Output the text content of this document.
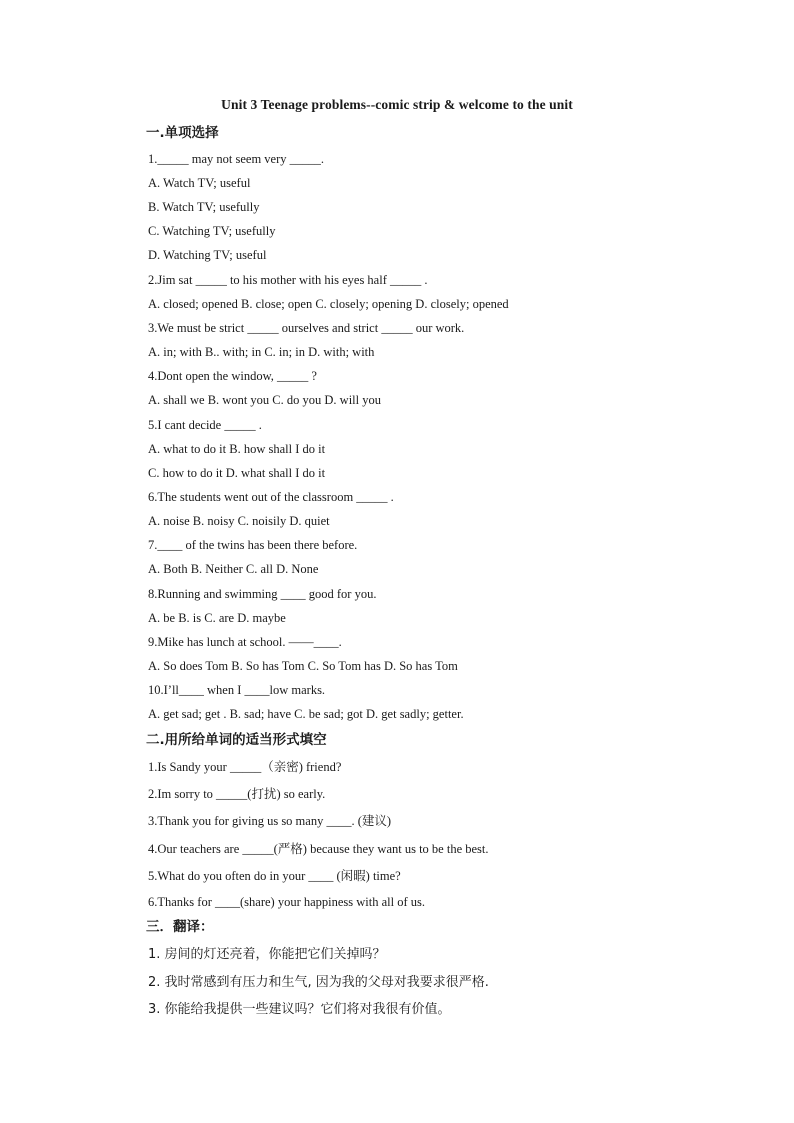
Unit 3 Teenage problems--comic strip & welcome to the unit
一.单项选择
1._____ may not seem very _____.
A. Watch TV; useful
B. Watch TV; usefully
C. Watching TV; usefully
D. Watching TV; useful
2.Jim sat _____ to his mother with his eyes half _____ .
A. closed; opened B. close; open C. closely; opening D. closely; opened
3.We must be strict _____ ourselves and strict _____ our work.
A. in; with B.. with; in C. in; in D. with; with
4.Dont open the window, _____ ?
A. shall we B. wont you C. do you D. will you
5.I cant decide _____ .
A. what to do it B. how shall I do it
C. how to do it D. what shall I do it
6.The students went out of the classroom _____ .
A. noise B. noisy C. noisily D. quiet
7.____ of the twins has been there before.
A. Both B. Neither C. all D. None
8.Running and swimming ____ good for you.
A. be B. is C. are D. maybe
9.Mike has lunch at school. ——____.
A. So does Tom B. So has Tom C. So Tom has D. So has Tom
10.I’ll____ when I ____low marks.
A. get sad; get . B. sad; have C. be sad; got D. get sadly; getter.
二.用所给单词的适当形式填空
1.Is Sandy your _____（亲密) friend?
2.Im sorry to _____(打扰) so early.
3.Thank you for giving us so many ____. (建议)
4.Our teachers are _____(严格) because they want us to be the best.
5.What do you often do in your ____ (闲暇) time?
6.Thanks for ____(share) your happiness with all of us.
三．翻译：
1. 房间的灯还亮着，你能把它们关掉吗？
2. 我时常感到有压力和生气, 因为我的父母对我要求很严格.
3. 你能给我提供一些建议吗？它们将对我很有价值。
